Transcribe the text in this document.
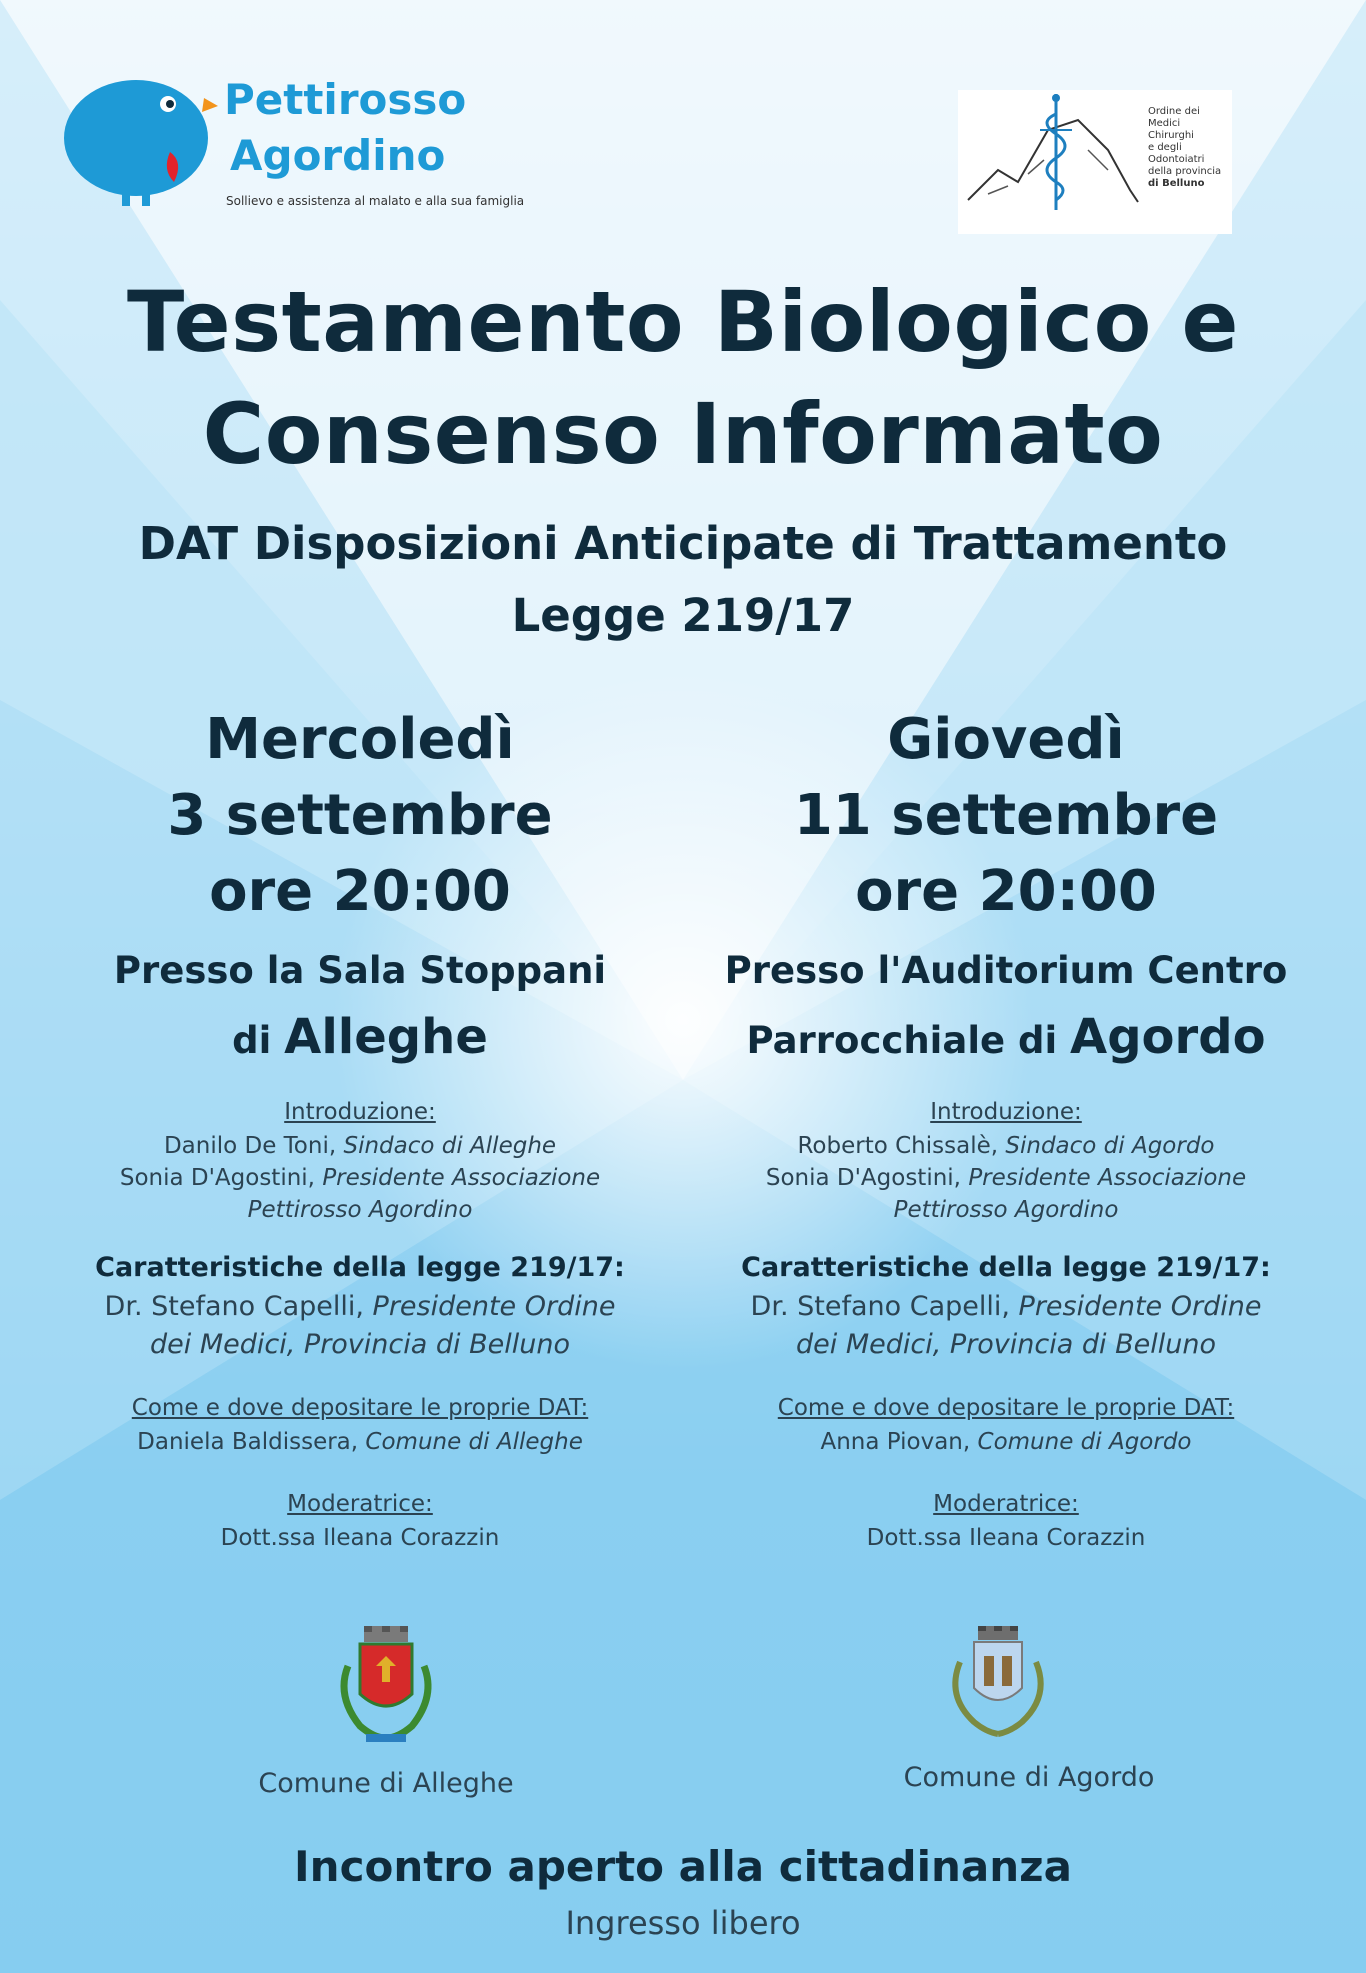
Pettirosso
Agordino
Sollievo e assistenza al malato e alla sua famiglia
Ordine dei
Medici
Chirurghi
e degli
Odontoiatri
della provincia
di Belluno
Testamento Biologico e
Consenso Informato
DAT Disposizioni Anticipate di Trattamento
Legge 219/17
Mercoledì
3 settembre
ore 20:00
Presso la Sala Stoppani
di Alleghe
Giovedì
11 settembre
ore 20:00
Presso l'Auditorium Centro
Parrocchiale di Agordo
Introduzione:
Danilo De Toni, Sindaco di Alleghe
Sonia D'Agostini, Presidente Associazione
Pettirosso Agordino
Caratteristiche della legge 219/17:
Dr. Stefano Capelli, Presidente Ordine
dei Medici, Provincia di Belluno
Come e dove depositare le proprie DAT:
Daniela Baldissera, Comune di Alleghe
Moderatrice:
Dott.ssa Ileana Corazzin
Introduzione:
Roberto Chissalè, Sindaco di Agordo
Sonia D'Agostini, Presidente Associazione
Pettirosso Agordino
Caratteristiche della legge 219/17:
Dr. Stefano Capelli, Presidente Ordine
dei Medici, Provincia di Belluno
Come e dove depositare le proprie DAT:
Anna Piovan, Comune di Agordo
Moderatrice:
Dott.ssa Ileana Corazzin
Comune di Alleghe	Comune di Agordo
Incontro aperto alla cittadinanza
Ingresso libero
